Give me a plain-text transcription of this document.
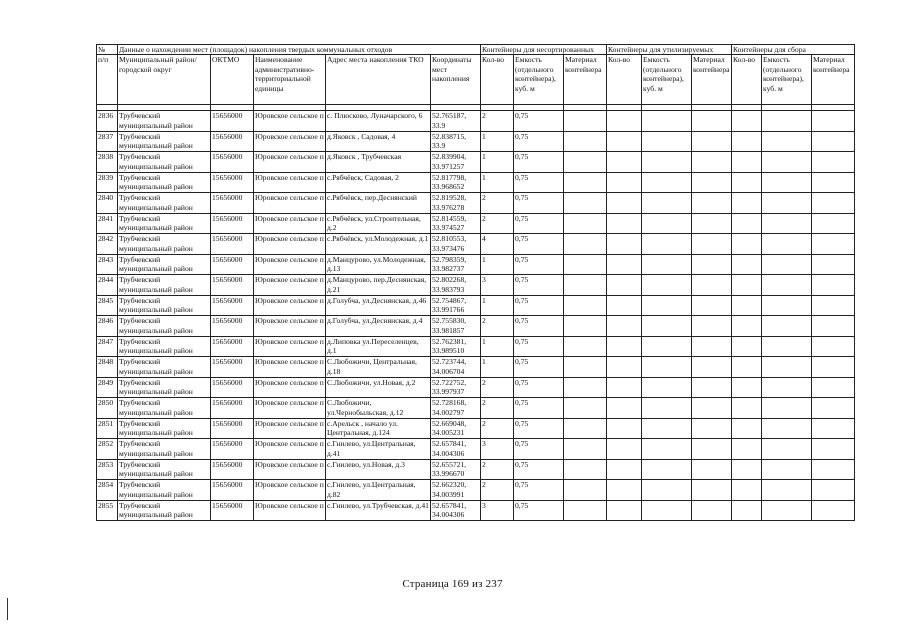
№	Данные о нахождении мест (площадок) накопления твердых коммунальных отходов					Контейнеры для несортированных			Контейнеры для утилизируемых			Контейнеры для сбора		
п/п	Муниципальный район/городской округ	ОКТМО	Наименование административно-территориальной единицы	Адрес места накопления ТКО	Координаты мест накопления	Кол-во	Емкость (отдельного контейнера), куб. м	Материал контейнера	Кол-во	Емкость (отдельного контейнера), куб. м	Материал контейнера	Кол-во	Емкость (отдельного контейнера), куб. м	Материал контейнера

2836	Трубчевский муниципальный район	15656000	Юровское сельское п	с. Плюсково, Луначарского, 6	52.765187, 33.9	2	0,75							
2837	Трубчевский муниципальный район	15656000	Юровское сельское п	д.Яковск , Садовая, 4	52.838715, 33.9	1	0,75							
2838	Трубчевский муниципальный район	15656000	Юровское сельское п	д.Яковск , Трубчевская	52.839904, 33.971257	1	0,75							
2839	Трубчевский муниципальный район	15656000	Юровское сельское п	с.Рябчёвск, Садовая, 2	52.817798, 33.968652	1	0,75							
2840	Трубчевский муниципальный район	15656000	Юровское сельское п	с.Рябчёвск, пер.Деснянский	52.819528, 33.976278	2	0,75							
2841	Трубчевский муниципальный район	15656000	Юровское сельское п	с.Рябчёвск, ул.Строительная, д.2	52.814559, 33.974527	2	0,75							
2842	Трубчевский муниципальный район	15656000	Юровское сельское п	с.Рябчёвск, ул.Молодежная, д.1	52.810553, 33.973476	4	0,75							
2843	Трубчевский муниципальный район	15656000	Юровское сельское п	д.Манцурово, ул.Молодежная, д.13	52.798359, 33.982737	1	0,75							
2844	Трубчевский муниципальный район	15656000	Юровское сельское п	д.Манцурово, пер.Деснянская, д.21	52.802268, 33.983793	3	0,75							
2845	Трубчевский муниципальный район	15656000	Юровское сельское п	д.Голубча, ул.Деснянская, д.46	52.754867, 33.991766	1	0,75							
2846	Трубчевский муниципальный район	15656000	Юровское сельское п	д.Голубча, ул.Деснянская, д.4	52.755830, 33.981857	2	0,75							
2847	Трубчевский муниципальный район	15656000	Юровское сельское п	д.Липовка ул.Переселенцев, д.1	52.762381, 33.989510	1	0,75							
2848	Трубчевский муниципальный район	15656000	Юровское сельское п	С.Любожичи, Центральная, д.18	52.723744, 34.006704	1	0,75							
2849	Трубчевский муниципальный район	15656000	Юровское сельское п	С.Любожичи, ул.Новая, д.2	52.722752, 33.997937	2	0,75							
2850	Трубчевский муниципальный район	15656000	Юровское сельское п	С.Любожичи, ул.Чернобыльская, д.12	52.728168, 34.002797	2	0,75							
2851	Трубчевский муниципальный район	15656000	Юровское сельское п	с.Арельск , начало ул. Центральная, д.124	52.669048, 34.005231	2	0,75							
2852	Трубчевский муниципальный район	15656000	Юровское сельское п	с.Гнилево, ул.Центральная, д.41	52.657841, 34.004306	3	0,75							
2853	Трубчевский муниципальный район	15656000	Юровское сельское п	с.Гнилево, ул.Новая, д.3	52.655721, 33.996670	2	0,75							
2854	Трубчевский муниципальный район	15656000	Юровское сельское п	с.Гнилево, ул.Центральная, д.82	52.662320, 34.003991	2	0,75							
2855	Трубчевский муниципальный район	15656000	Юровское сельское п	с.Гнилево, ул.Трубчевская, д.41	52.657841, 34.004306	3	0,75							
Страница 169 из 237
